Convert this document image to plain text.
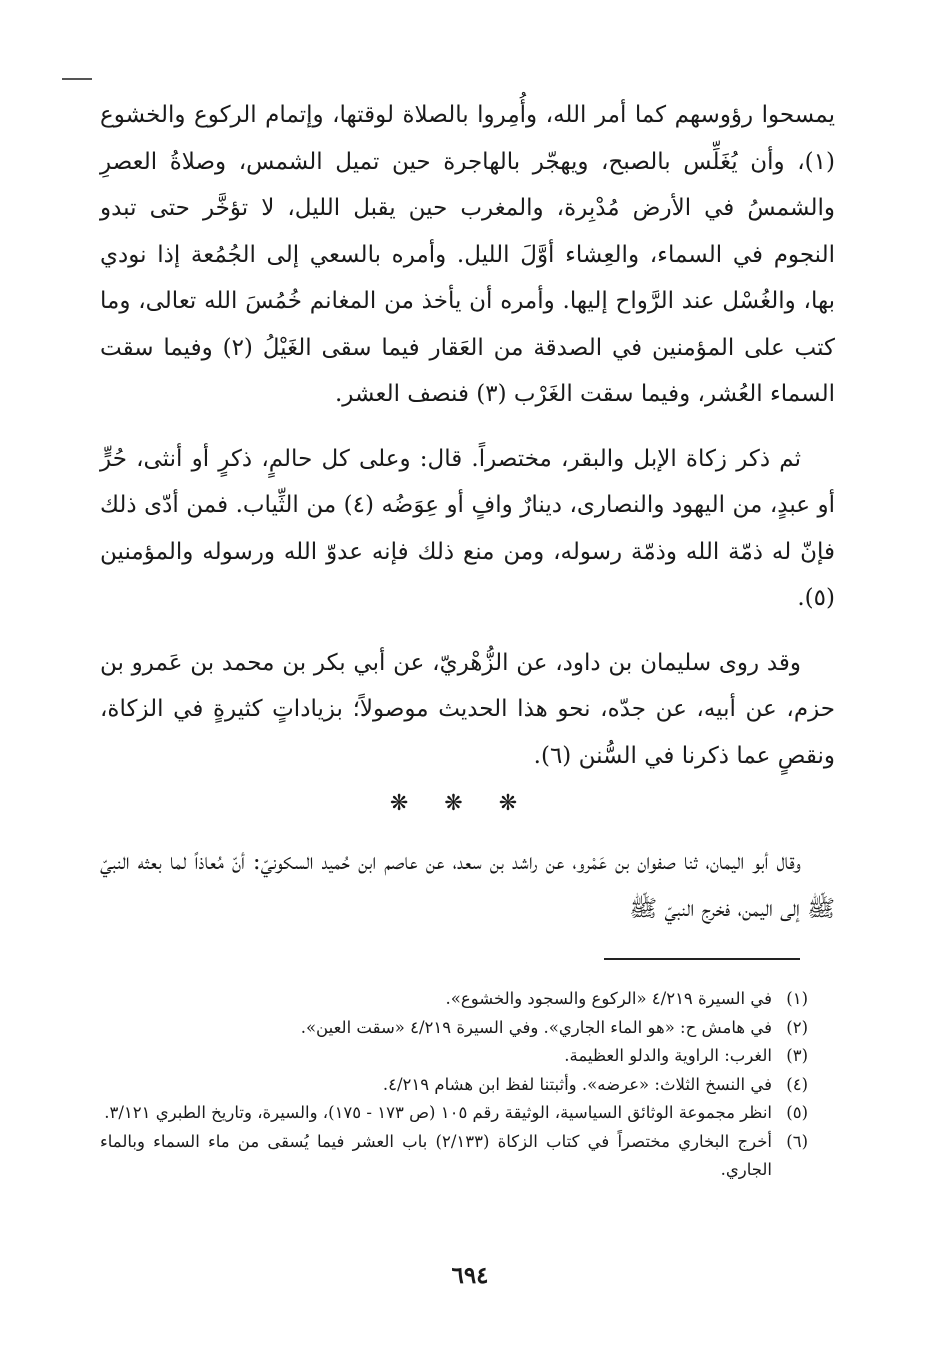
يمسحوا رؤوسهم كما أمر الله، وأُمِروا بالصلاة لوقتها، وإتمام الركوع والخشوع (١)، وأن يُغَلِّس بالصبح، ويهجّر بالهاجرة حين تميل الشمس، وصلاةُ العصرِ والشمسُ في الأرض مُدْبِرة، والمغرب حين يقبل الليل، لا تؤخَّر حتى تبدو النجوم في السماء، والعِشاء أوَّلَ الليل. وأمره بالسعي إلى الجُمُعة إذا نودي بها، والغُسْل عند الرَّواح إليها. وأمره أن يأخذ من المغانم خُمُسَ الله تعالى، وما كتب على المؤمنين في الصدقة من العَقار فيما سقى الغَيْلُ (٢) وفيما سقت السماء العُشر، وفيما سقت الغَرْب (٣) فنصف العشر.

ثم ذكر زكاة الإبل والبقر، مختصراً. قال: وعلى كل حالمٍ، ذكرٍ أو أنثى، حُرٍّ أو عبدٍ، من اليهود والنصارى، دينارٌ وافٍ أو عِوَضُه (٤) من الثِّياب. فمن أدّى ذلك فإنّ له ذمّة الله وذمّة رسوله، ومن منع ذلك فإنه عدوّ الله ورسوله والمؤمنين (٥).

وقد روى سليمان بن داود، عن الزُّهْريّ، عن أبي بكر بن محمد بن عَمرو بن حزم، عن أبيه، عن جدّه، نحو هذا الحديث موصولاً؛ بزياداتٍ كثيرةٍ في الزكاة، ونقصٍ عما ذكرنا في السُّنن (٦).

❋❋❋

وقال أبو اليمان، ثنا صفوان بن عَمْرو، عن راشد بن سعد، عن عاصم ابن حُميد السكونيّ: أنّ مُعاذاً لما بعثه النبيّ ﷺ إلى اليمن، فخرج النبيّ ﷺ

(١)
في السيرة ٤/٢١٩ «الركوع والسجود والخشوع».
(٢)
في هامش ح: «هو الماء الجاري». وفي السيرة ٤/٢١٩ «سقت العين».
(٣)
الغرب: الراوية والدلو العظيمة.
(٤)
في النسخ الثلاث: «عرضه». وأثبتنا لفظ ابن هشام ٤/٢١٩.
(٥)
انظر مجموعة الوثائق السياسية، الوثيقة رقم ١٠٥ (ص ١٧٣ - ١٧٥)، والسيرة، وتاريخ الطبري ٣/١٢١.
(٦)
أخرج البخاري مختصراً في كتاب الزكاة (٢/١٣٣) باب العشر فيما يُسقى من ماء السماء وبالماء الجاري.
٦٩٤
